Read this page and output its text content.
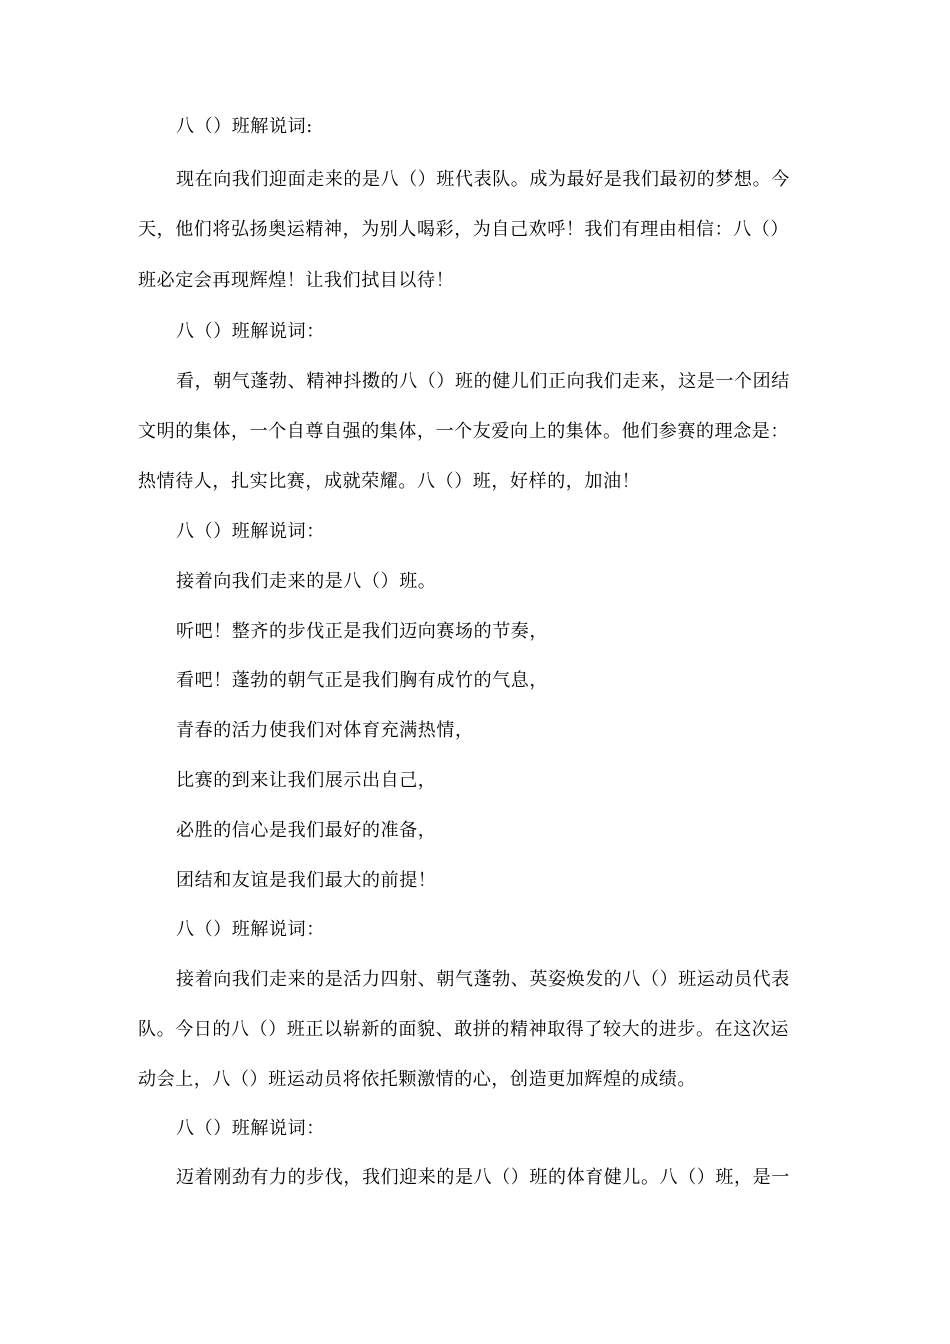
八（）班解说词:
现在向我们迎面走来的是八（）班代表队。成为最好是我们最初的梦想。今
天，他们将弘扬奥运精神，为别人喝彩，为自己欢呼！我们有理由相信：八（）
班必定会再现辉煌！让我们拭目以待！
八（）班解说词：
看，朝气蓬勃、精神抖擞的八（）班的健儿们正向我们走来，这是一个团结
文明的集体，一个自尊自强的集体，一个友爱向上的集体。他们参赛的理念是：
热情待人，扎实比赛，成就荣耀。八（）班，好样的，加油！
八（）班解说词：
接着向我们走来的是八（）班。
听吧！整齐的步伐正是我们迈向赛场的节奏，
看吧！蓬勃的朝气正是我们胸有成竹的气息，
青春的活力使我们对体育充满热情，
比赛的到来让我们展示出自己，
必胜的信心是我们最好的准备，
团结和友谊是我们最大的前提！
八（）班解说词：
接着向我们走来的是活力四射、朝气蓬勃、英姿焕发的八（）班运动员代表
队。今日的八（）班正以崭新的面貌、敢拼的精神取得了较大的进步。在这次运
动会上，八（）班运动员将依托颗激情的心，创造更加辉煌的成绩。
八（）班解说词：
迈着刚劲有力的步伐，我们迎来的是八（）班的体育健儿。八（）班，是一
